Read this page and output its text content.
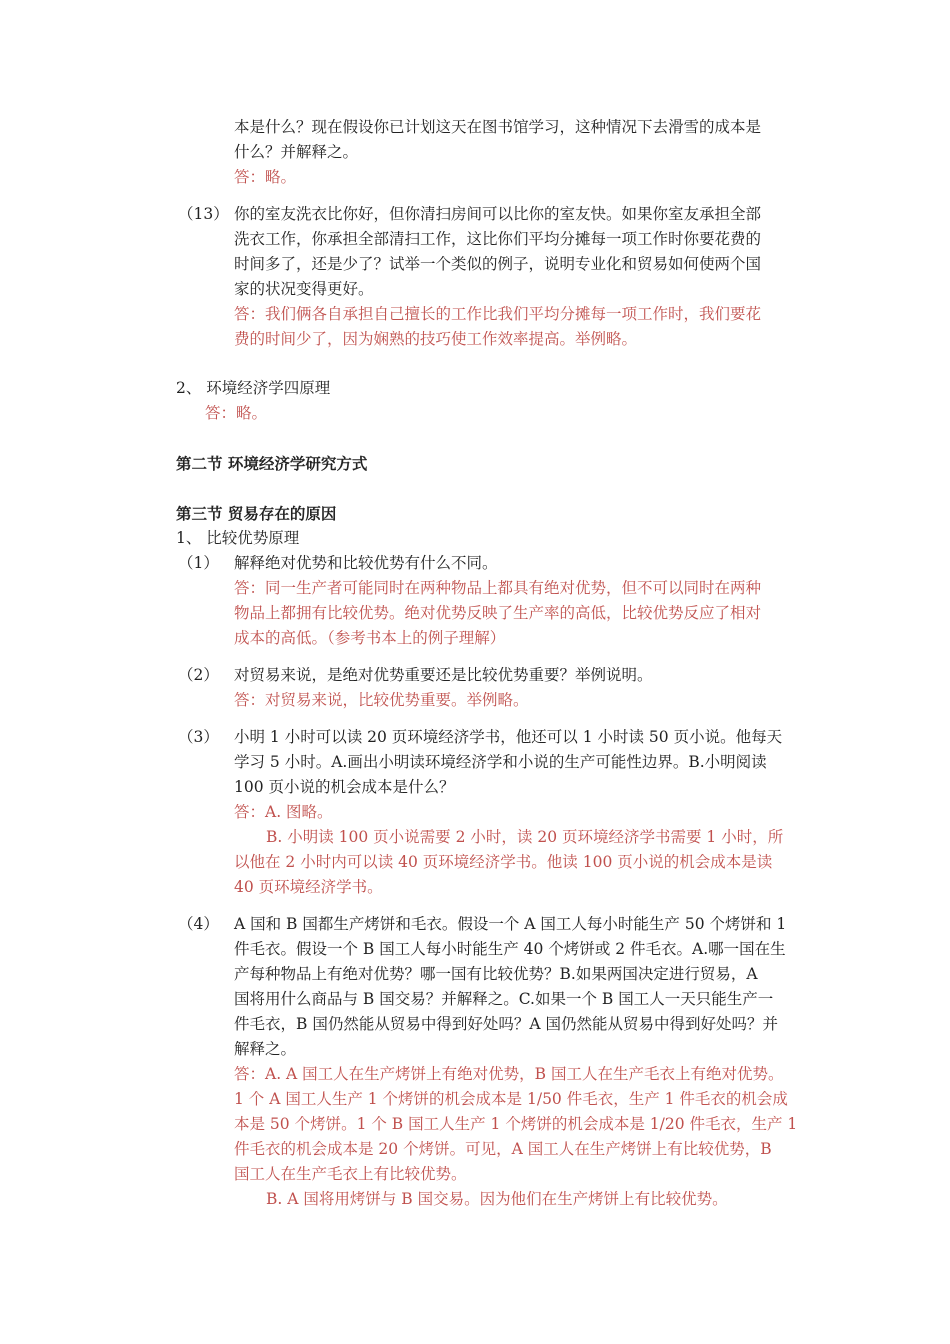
本是什么？现在假设你已计划这天在图书馆学习，这种情况下去滑雪的成本是
什么？并解释之。
答：略。
（13） 你的室友洗衣比你好，但你清扫房间可以比你的室友快。如果你室友承担全部
洗衣工作，你承担全部清扫工作，这比你们平均分摊每一项工作时你要花费的
时间多了，还是少了？试举一个类似的例子，说明专业化和贸易如何使两个国
家的状况变得更好。
答：我们俩各自承担自己擅长的工作比我们平均分摊每一项工作时，我们要花
费的时间少了，因为娴熟的技巧使工作效率提高。举例略。
2、 环境经济学四原理
答：略。
第二节 环境经济学研究方式
第三节 贸易存在的原因
1、 比较优势原理
（1） 解释绝对优势和比较优势有什么不同。
答：同一生产者可能同时在两种物品上都具有绝对优势，但不可以同时在两种
物品上都拥有比较优势。绝对优势反映了生产率的高低，比较优势反应了相对
成本的高低。（参考书本上的例子理解）
（2） 对贸易来说，是绝对优势重要还是比较优势重要？举例说明。
答：对贸易来说，比较优势重要。举例略。
（3） 小明 1 小时可以读 20 页环境经济学书，他还可以 1 小时读 50 页小说。他每天
学习 5 小时。A.画出小明读环境经济学和小说的生产可能性边界。B.小明阅读
100 页小说的机会成本是什么？
答：A. 图略。
B. 小明读 100 页小说需要 2 小时，读 20 页环境经济学书需要 1 小时，所
以他在 2 小时内可以读 40 页环境经济学书。他读 100 页小说的机会成本是读
40 页环境经济学书。
（4） A 国和 B 国都生产烤饼和毛衣。假设一个 A 国工人每小时能生产 50 个烤饼和 1
件毛衣。假设一个 B 国工人每小时能生产 40 个烤饼或 2 件毛衣。A.哪一国在生
产每种物品上有绝对优势？哪一国有比较优势？B.如果两国决定进行贸易，A
国将用什么商品与 B 国交易？并解释之。C.如果一个 B 国工人一天只能生产一
件毛衣，B 国仍然能从贸易中得到好处吗？A 国仍然能从贸易中得到好处吗？并
解释之。
答：A. A 国工人在生产烤饼上有绝对优势，B 国工人在生产毛衣上有绝对优势。
1 个 A 国工人生产 1 个烤饼的机会成本是 1/50 件毛衣，生产 1 件毛衣的机会成
本是 50 个烤饼。1 个 B 国工人生产 1 个烤饼的机会成本是 1/20 件毛衣，生产 1
件毛衣的机会成本是 20 个烤饼。可见，A 国工人在生产烤饼上有比较优势，B
国工人在生产毛衣上有比较优势。
B. A 国将用烤饼与 B 国交易。因为他们在生产烤饼上有比较优势。
